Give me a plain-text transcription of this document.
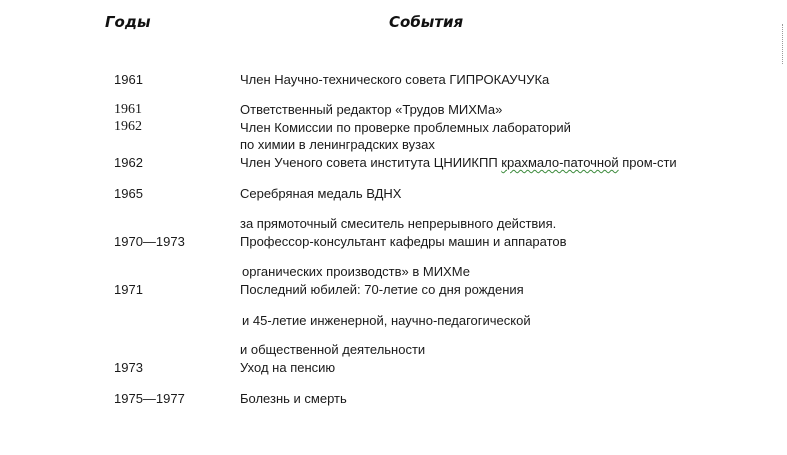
Годы	События
1961	Член Научно-технического совета ГИПРОКАУЧУКа
1961	Ответственный редактор «Трудов МИХМа»
1962	Член Комиссии по проверке проблемных лабораторий
по химии в ленинградских вузах
1962	Член Ученого совета института ЦНИИКПП крахмало-паточной пром-сти
1965	Серебряная медаль ВДНХ
за прямоточный смеситель непрерывного действия.
1970—1973	Профессор-консультант кафедры машин и аппаратов
органических производств» в МИХМе
1971	Последний юбилей: 70-летие со дня рождения
и 45-летие инженерной, научно-педагогической
и общественной деятельности
1973	Уход на пенсию
1975—1977	Болезнь и смерть
